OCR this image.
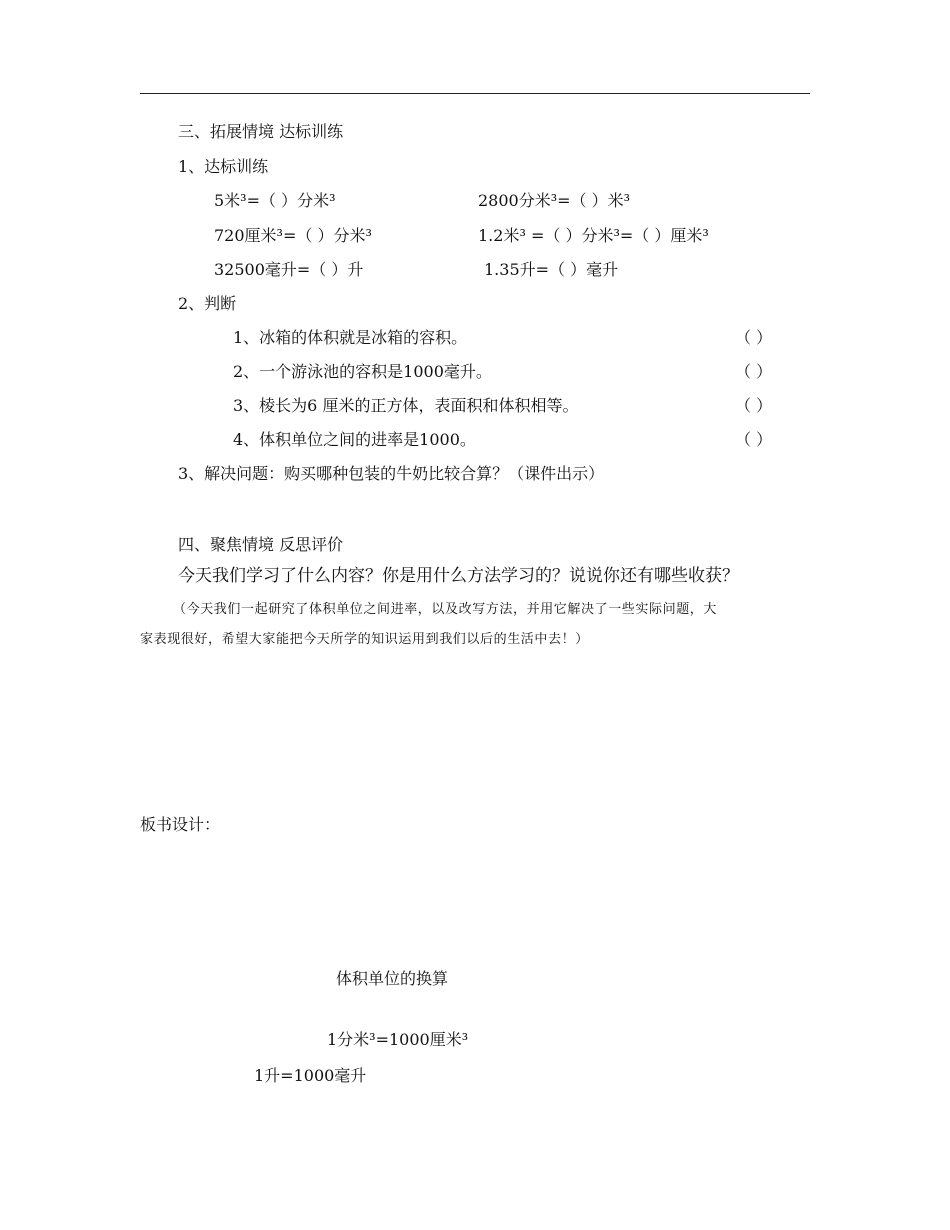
三、拓展情境 达标训练
1、达标训练
5米³=（ ）分米³	2800分米³=（ ）米³
720厘米³=（ ）分米³	1.2米³ =（ ）分米³=（ ）厘米³
32500毫升=（ ）升	1.35升=（ ）毫升
2、判断
1、冰箱的体积就是冰箱的容积。	（ ）
2、一个游泳池的容积是1000毫升。	（ ）
3、棱长为6 厘米的正方体，表面积和体积相等。	（ ）
4、体积单位之间的进率是1000。	（ ）
3、解决问题：购买哪种包装的牛奶比较合算？（课件出示）
四、聚焦情境 反思评价
今天我们学习了什么内容？你是用什么方法学习的？说说你还有哪些收获？
（今天我们一起研究了体积单位之间进率，以及改写方法，并用它解决了一些实际问题，大
家表现很好，希望大家能把今天所学的知识运用到我们以后的生活中去！）
板书设计：
体积单位的换算
1分米³=1000厘米³
1升=1000毫升
